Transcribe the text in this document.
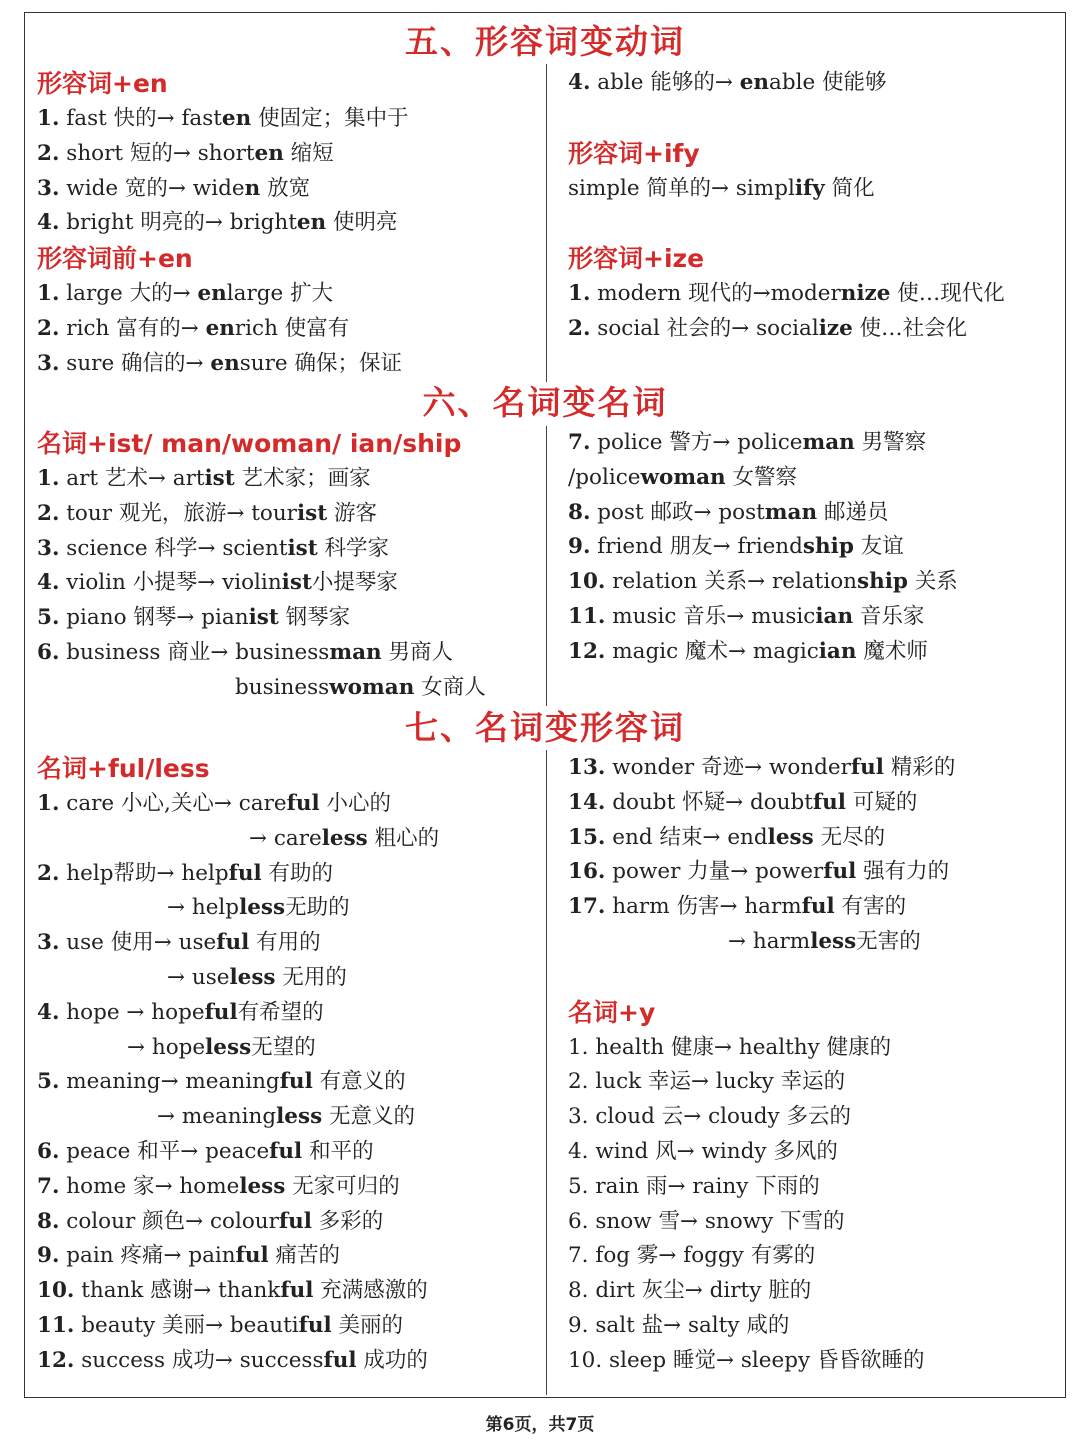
五、形容词变动词
形容词+en
1. fast 快的→ fasten 使固定；集中于
2. short 短的→ shorten 缩短
3. wide 宽的→ widen 放宽
4. bright 明亮的→ brighten 使明亮
形容词前+en
1. large 大的→ enlarge 扩大
2. rich 富有的→ enrich 使富有
3. sure 确信的→ ensure 确保；保证
4. able 能够的→ enable 使能够
形容词+ify
simple 简单的→ simplify 简化
形容词+ize
1. modern 现代的→modernize 使…现代化
2. social 社会的→ socialize 使…社会化
六、名词变名词
名词+ist/ man/woman/ ian/ship
1. art 艺术→ artist 艺术家；画家
2. tour 观光，旅游→ tourist 游客
3. science 科学→ scientist 科学家
4. violin 小提琴→ violinist小提琴家
5. piano 钢琴→ pianist 钢琴家
6. business 商业→ businessman 男商人
businesswoman 女商人
7. police 警方→ policeman 男警察
/policewoman 女警察
8. post 邮政→ postman 邮递员
9. friend 朋友→ friendship 友谊
10. relation 关系→ relationship 关系
11. music 音乐→ musician 音乐家
12. magic 魔术→ magician 魔术师
七、名词变形容词
名词+ful/less
1. care 小心,关心→ careful 小心的
→ careless 粗心的
2. help帮助→ helpful 有助的
→ helpless无助的
3. use 使用→ useful 有用的
→ useless 无用的
4. hope → hopeful有希望的
→ hopeless无望的
5. meaning→ meaningful 有意义的
→ meaningless 无意义的
6. peace 和平→ peaceful 和平的
7. home 家→ homeless 无家可归的
8. colour 颜色→ colourful 多彩的
9. pain 疼痛→ painful 痛苦的
10. thank 感谢→ thankful 充满感激的
11. beauty 美丽→ beautiful 美丽的
12. success 成功→ successful 成功的
13. wonder 奇迹→ wonderful 精彩的
14. doubt 怀疑→ doubtful 可疑的
15. end 结束→ endless 无尽的
16. power 力量→ powerful 强有力的
17. harm 伤害→ harmful 有害的
→ harmless无害的
名词+y
1. health 健康→ healthy 健康的
2. luck 幸运→ lucky 幸运的
3. cloud 云→ cloudy 多云的
4. wind 风→ windy 多风的
5. rain 雨→ rainy 下雨的
6. snow 雪→ snowy 下雪的
7. fog 雾→ foggy 有雾的
8. dirt 灰尘→ dirty 脏的
9. salt 盐→ salty 咸的
10. sleep 睡觉→ sleepy 昏昏欲睡的
第6页，共7页
